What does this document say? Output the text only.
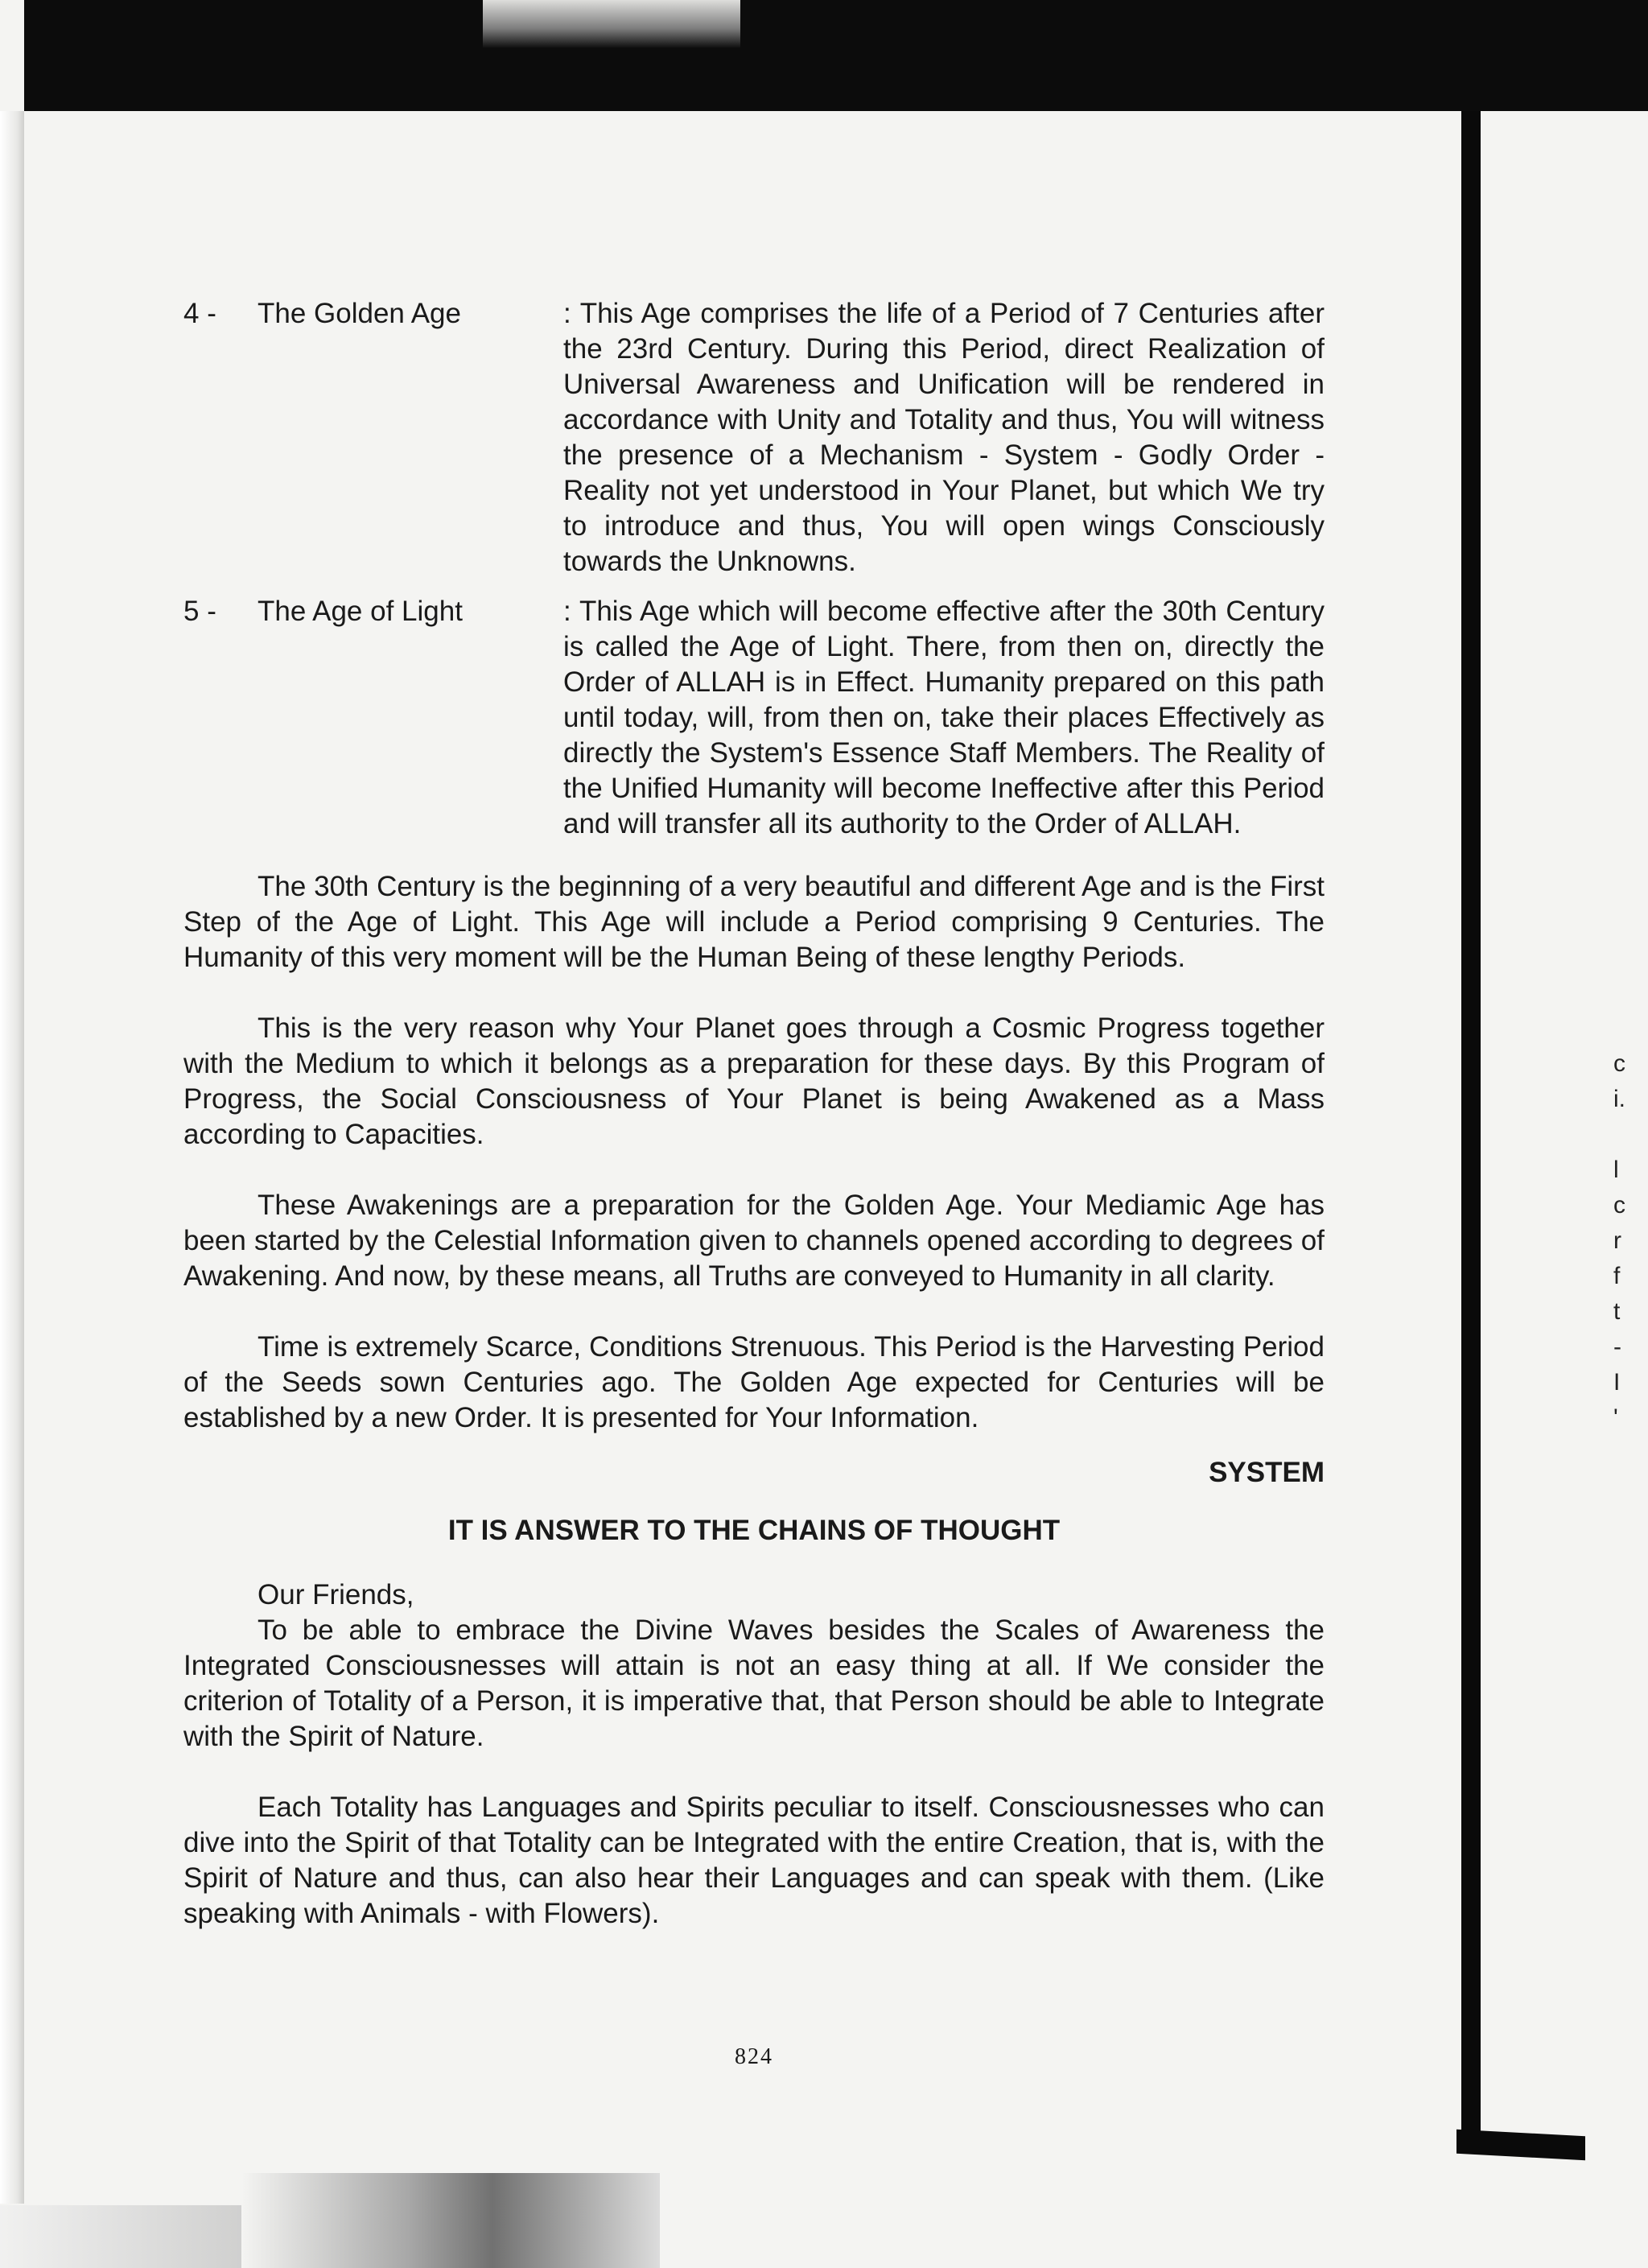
c
i.
l
c
r
f
t
-
I
'
4 -	The Golden Age	: This Age comprises the life of a Period of 7 Centuries after the 23rd Century. During this Period, direct Realization of Universal Awareness and Unification will be rendered in accordance with Unity and Totality and thus, You will witness the presence of a Mechanism - System - Godly Order - Reality not yet understood in Your Planet, but which We try to introduce and thus, You will open wings Consciously towards the Unknowns.
5 -	The Age of Light	: This Age which will become effective after the 30th Century is called the Age of Light. There, from then on, directly the Order of ALLAH is in Effect. Humanity prepared on this path until today, will, from then on, take their places Effectively as directly the System's Essence Staff Members. The Reality of the Unified Humanity will become Ineffective after this Period and will transfer all its authority to the Order of ALLAH.

The 30th Century is the beginning of a very beautiful and different Age and is the First Step of the Age of Light. This Age will include a Period comprising 9 Centuries. The Humanity of this very moment will be the Human Being of these lengthy Periods.

This is the very reason why Your Planet goes through a Cosmic Progress together with the Medium to which it belongs as a preparation for these days. By this Program of Progress, the Social Consciousness of Your Planet is being Awakened as a Mass according to Capacities.

These Awakenings are a preparation for the Golden Age. Your Mediamic Age has been started by the Celestial Information given to channels opened according to degrees of Awakening. And now, by these means, all Truths are conveyed to Humanity in all clarity.

Time is extremely Scarce, Conditions Strenuous. This Period is the Harvesting Period of the Seeds sown Centuries ago. The Golden Age expected for Centuries will be established by a new Order. It is presented for Your Information.

SYSTEM

IT IS ANSWER TO THE CHAINS OF THOUGHT

Our Friends,

To be able to embrace the Divine Waves besides the Scales of Awareness the Integrated Consciousnesses will attain is not an easy thing at all. If We consider the criterion of Totality of a Person, it is imperative that, that Person should be able to Integrate with the Spirit of Nature.

Each Totality has Languages and Spirits peculiar to itself. Consciousnesses who can dive into the Spirit of that Totality can be Integrated with the entire Creation, that is, with the Spirit of Nature and thus, can also hear their Languages and can speak with them. (Like speaking with Animals - with Flowers).

824
